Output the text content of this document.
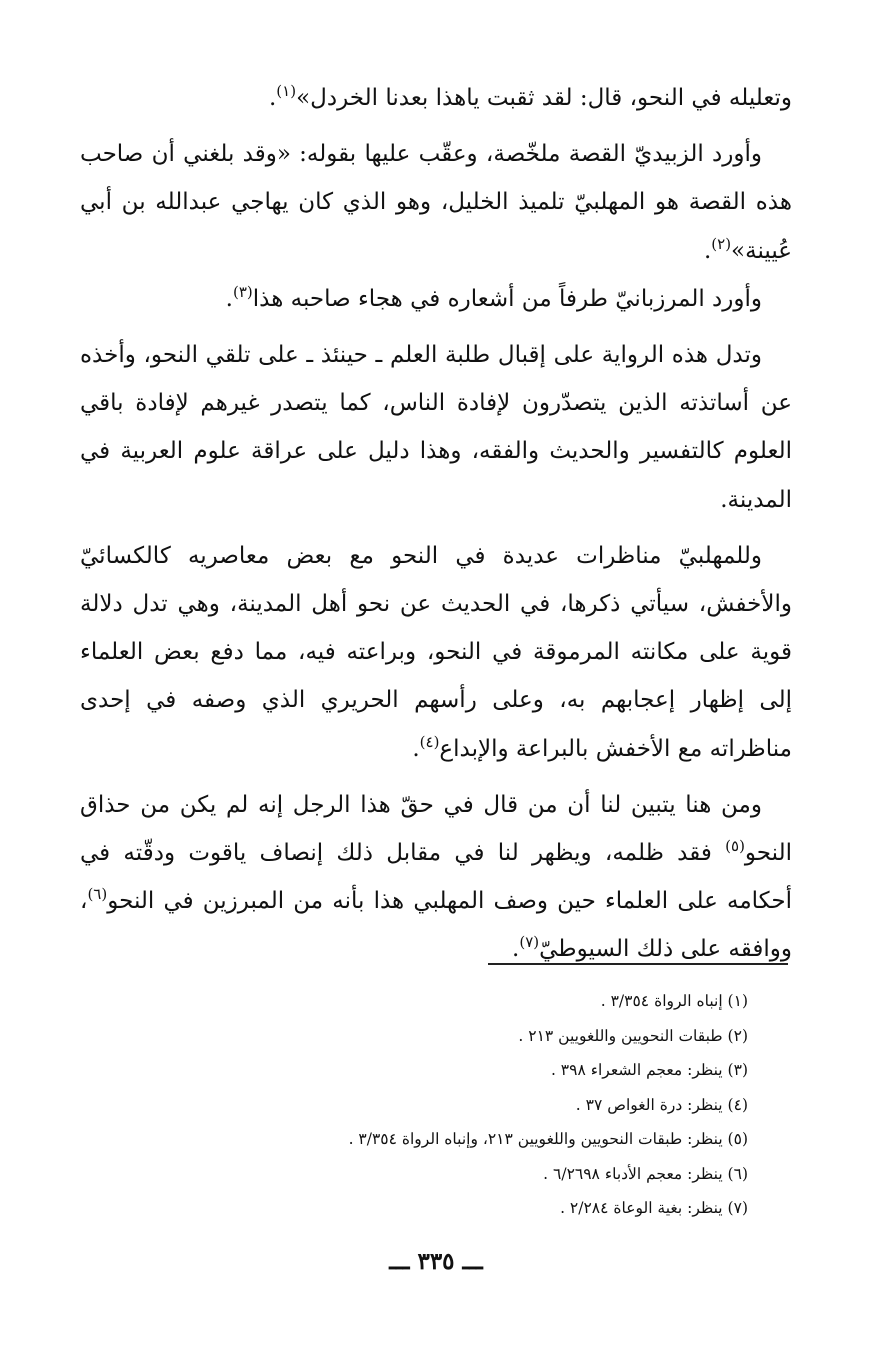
وتعليله في النحو، قال: لقد ثقبت ياهذا بعدنا الخردل»$^{(١)}$.

وأورد الزبيديّ القصة ملخّصة، وعقّب عليها بقوله: «وقد بلغني أن صاحب هذه القصة هو المهلبيّ تلميذ الخليل، وهو الذي كان يهاجي عبدالله بن أبي عُيينة»$^{(٢)}$.

وأورد المرزبانيّ طرفاً من أشعاره في هجاء صاحبه هذا$^{(٣)}$.

وتدل هذه الرواية على إقبال طلبة العلم ـ حينئذ ـ على تلقي النحو، وأخذه عن أساتذته الذين يتصدّرون لإفادة الناس، كما يتصدر غيرهم لإفادة باقي العلوم كالتفسير والحديث والفقه، وهذا دليل على عراقة علوم العربية في المدينة.

وللمهلبيّ مناظرات عديدة في النحو مع بعض معاصريه كالكسائيّ والأخفش، سيأتي ذكرها، في الحديث عن نحو أهل المدينة، وهي تدل دلالة قوية على مكانته المرموقة في النحو، وبراعته فيه، مما دفع بعض العلماء إلى إظهار إعجابهم به، وعلى رأسهم الحريري الذي وصفه في إحدى مناظراته مع الأخفش بالبراعة والإبداع$^{(٤)}$.

ومن هنا يتبين لنا أن من قال في حقّ هذا الرجل إنه لم يكن من حذاق النحو$^{(٥)}$ فقد ظلمه، ويظهر لنا في مقابل ذلك إنصاف ياقوت ودقّته في أحكامه على العلماء حين وصف المهلبي هذا بأنه من المبرزين في النحو$^{(٦)}$، ووافقه على ذلك السيوطيّ$^{(٧)}$.

(١) إنباه الرواة ٣/٣٥٤ .
(٢) طبقات النحويين واللغويين ٢١٣ .
(٣) ينظر: معجم الشعراء ٣٩٨ .
(٤) ينظر: درة الغواص ٣٧ .
(٥) ينظر: طبقات النحويين واللغويين ٢١٣، وإنباه الرواة ٣/٣٥٤ .
(٦) ينظر: معجم الأدباء ٦/٢٦٩٨ .
(٧) ينظر: بغية الوعاة ٢/٢٨٤ .
ـــ ٣٣٥ ـــ
